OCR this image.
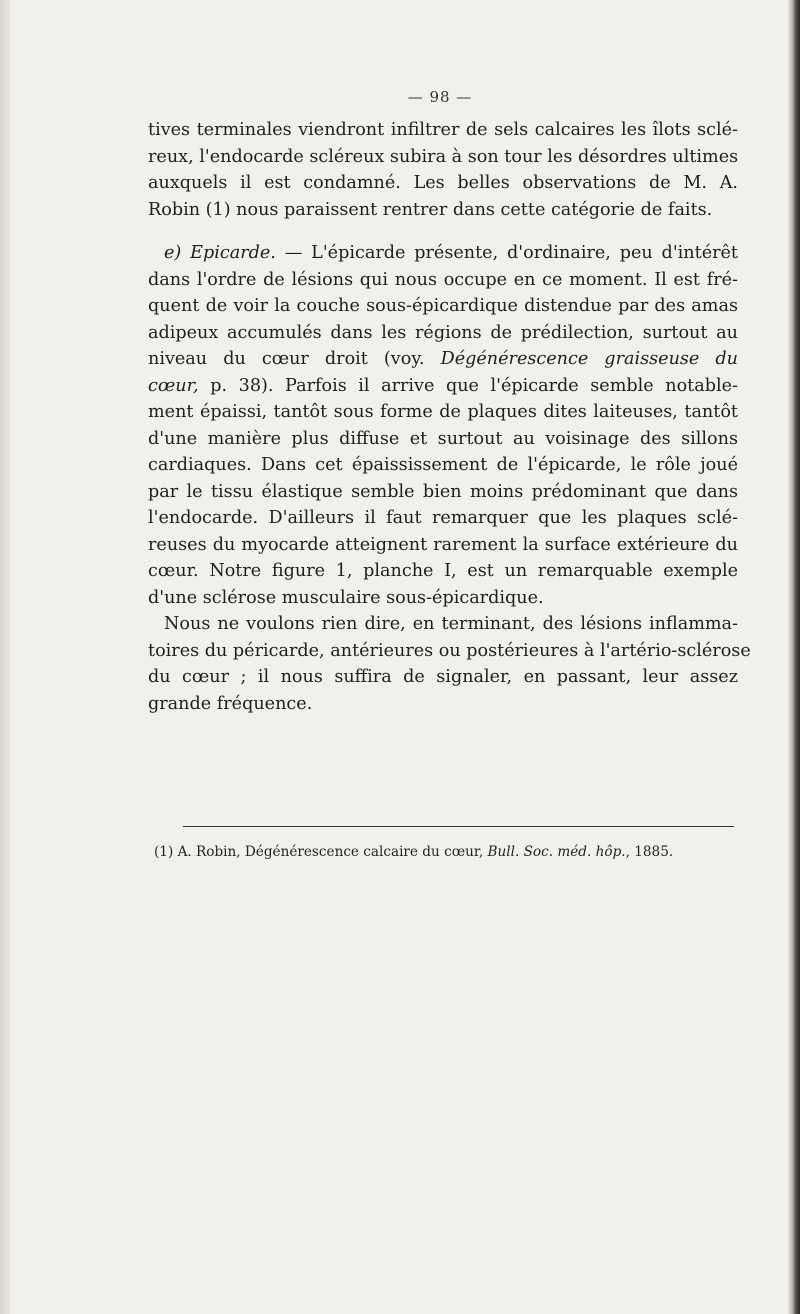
— 98 —
tives terminales viendront infiltrer de sels calcaires les îlots sclé-
reux, l'endocarde scléreux subira à son tour les désordres ultimes
auxquels il est condamné. Les belles observations de M. A.
Robin (1) nous paraissent rentrer dans cette catégorie de faits.
e) Epicarde. — L'épicarde présente, d'ordinaire, peu d'intérêt
dans l'ordre de lésions qui nous occupe en ce moment. Il est fré-
quent de voir la couche sous-épicardique distendue par des amas
adipeux accumulés dans les régions de prédilection, surtout au
niveau du cœur droit (voy. Dégénérescence graisseuse du
cœur, p. 38). Parfois il arrive que l'épicarde semble notable-
ment épaissi, tantôt sous forme de plaques dites laiteuses, tantôt
d'une manière plus diffuse et surtout au voisinage des sillons
cardiaques. Dans cet épaississement de l'épicarde, le rôle joué
par le tissu élastique semble bien moins prédominant que dans
l'endocarde. D'ailleurs il faut remarquer que les plaques sclé-
reuses du myocarde atteignent rarement la surface extérieure du
cœur. Notre figure 1, planche I, est un remarquable exemple
d'une sclérose musculaire sous-épicardique.
Nous ne voulons rien dire, en terminant, des lésions inflamma-
toires du péricarde, antérieures ou postérieures à l'artério-sclérose
du cœur ; il nous suffira de signaler, en passant, leur assez
grande fréquence.
(1) A. Robin, Dégénérescence calcaire du cœur, Bull. Soc. méd. hôp., 1885.
